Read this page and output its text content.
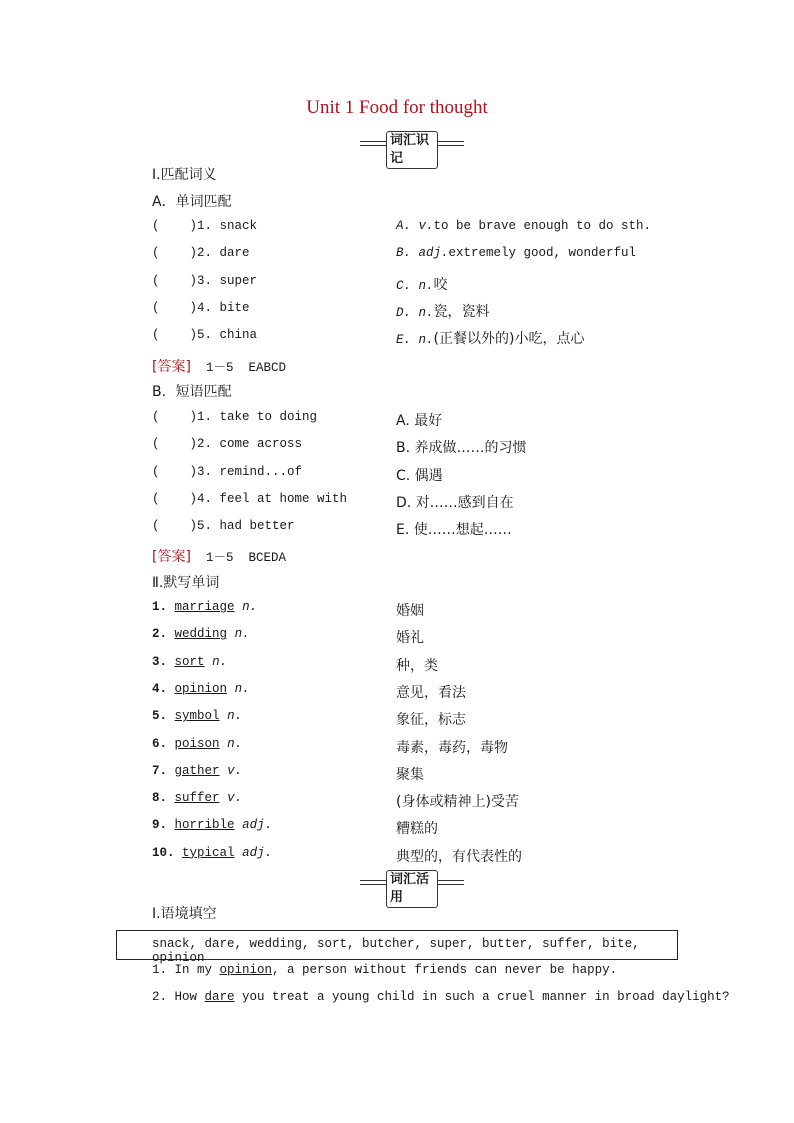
Unit 1 Food for thought
词汇识记
Ⅰ.匹配词义
A．单词匹配
(    )1. snack	A. v.to be brave enough to do sth.
(    )2. dare	B. adj.extremely good, wonderful
(    )3. super	C. n.咬
(    )4. bite	D. n.瓷，瓷料
(    )5. china	E. n.(正餐以外的)小吃，点心
[答案]  1－5  EABCD
B．短语匹配
(    )1. take to doing	A. 最好
(    )2. come across	B. 养成做……的习惯
(    )3. remind...of	C. 偶遇
(    )4. feel at home with	D. 对……感到自在
(    )5. had better	E. 使……想起……
[答案]  1－5  BCEDA
Ⅱ.默写单词
1. marriage n.	婚姻
2. wedding n.	婚礼
3. sort n.	种，类
4. opinion n.	意见，看法
5. symbol n.	象征，标志
6. poison n.	毒素，毒药，毒物
7. gather v.	聚集
8. suffer v.	(身体或精神上)受苦
9. horrible adj.	糟糕的
10. typical adj.	典型的，有代表性的
词汇活用
Ⅰ.语境填空
snack, dare, wedding, sort, butcher, super, butter, suffer, bite, opinion
1. In my opinion, a person without friends can never be happy.
2. How dare you treat a young child in such a cruel manner in broad daylight?
